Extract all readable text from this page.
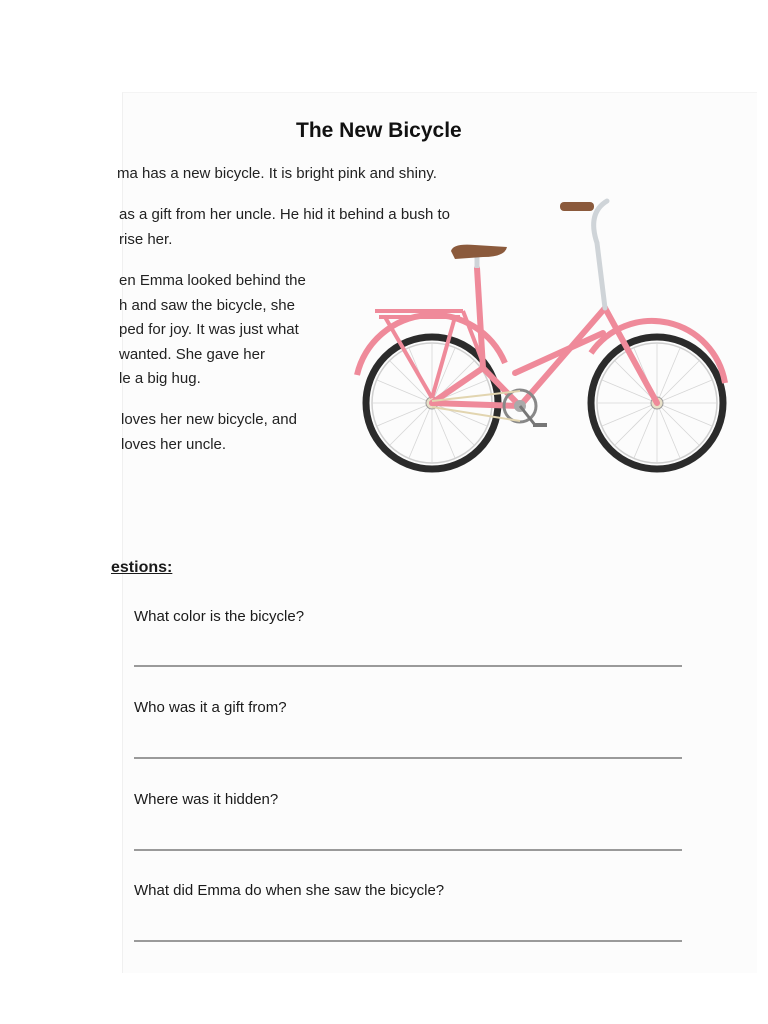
The New Bicycle
ma has a new bicycle. It is bright pink and shiny.
as a gift from her uncle. He hid it behind a bush to
rise her.
en Emma looked behind the
h and saw the bicycle, she
ped for joy. It was just what
wanted. She gave her
le a big hug.
loves her new bicycle, and
loves her uncle.
estions:
What color is the bicycle?
Who was it a gift from?
Where was it hidden?
What did Emma do when she saw the bicycle?
